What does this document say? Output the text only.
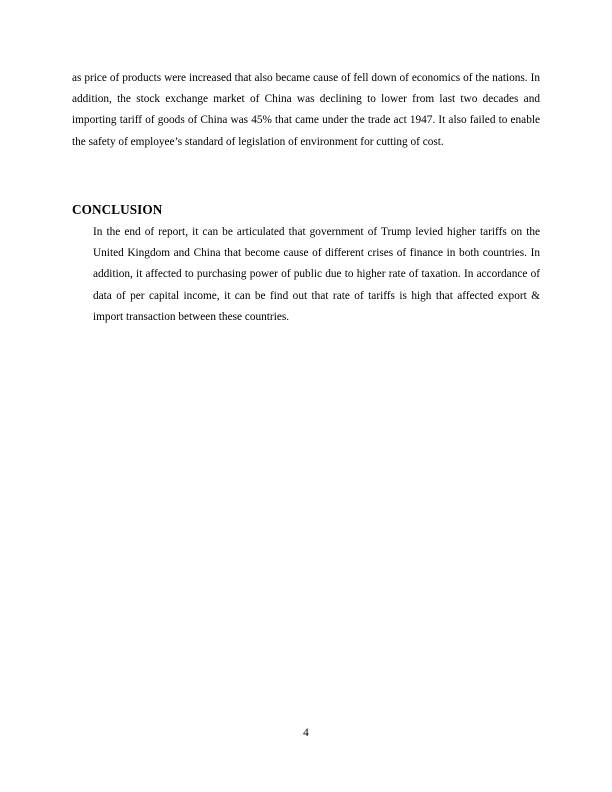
as price of products were increased that also became cause of fell down of economics of the nations. In addition, the stock exchange market of China was declining to lower from last two decades and importing tariff of goods of China was 45% that came under the trade act 1947. It also failed to enable the safety of employee’s standard of legislation of environment for cutting of cost.

CONCLUSION

In the end of report, it can be articulated that government of Trump levied higher tariffs on the United Kingdom and China that become cause of different crises of finance in both countries. In addition, it affected to purchasing power of public due to higher rate of taxation. In accordance of data of per capital income, it can be find out that rate of tariffs is high that affected export & import transaction between these countries.

4
